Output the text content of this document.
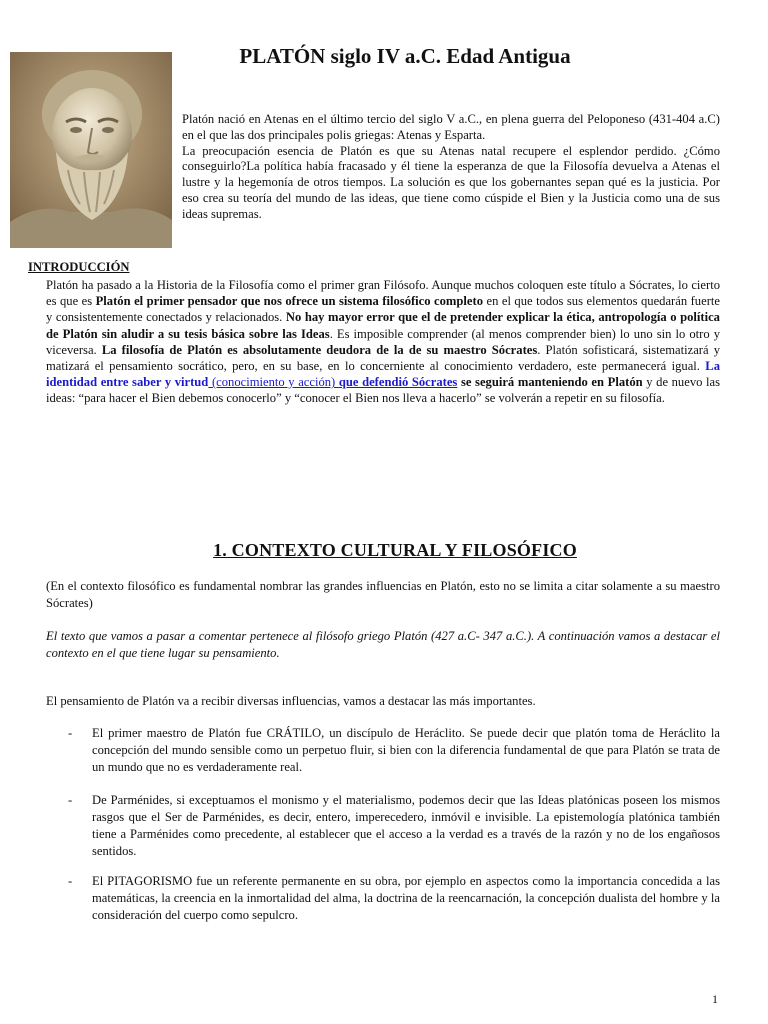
PLATÓN siglo IV a.C. Edad Antigua

Platón nació en Atenas en el último tercio del siglo V a.C., en plena guerra del Peloponeso (431-404 a.C) en el que las dos principales polis griegas: Atenas y Esparta.

La preocupación esencia de Platón es que su Atenas natal recupere el esplendor perdido. ¿Cómo conseguirlo?La política había fracasado y él tiene la esperanza de que la Filosofía devuelva a Atenas el lustre y la hegemonía de otros tiempos. La solución es que los gobernantes sepan qué es la justicia. Por eso crea su teoría del mundo de las ideas, que tiene como cúspide el Bien y la Justicia como una de sus ideas supremas.

INTRODUCCIÓN

Platón ha pasado a la Historia de la Filosofía como el primer gran Filósofo. Aunque muchos coloquen este título a Sócrates, lo cierto es que es Platón el primer pensador que nos ofrece un sistema filosófico completo en el que todos sus elementos quedarán fuerte y consistentemente conectados y relacionados. No hay mayor error que el de pretender explicar la ética, antropología o política de Platón sin aludir a su tesis básica sobre las Ideas. Es imposible comprender (al menos comprender bien) lo uno sin lo otro y viceversa. La filosofía de Platón es absolutamente deudora de la de su maestro Sócrates. Platón sofisticará, sistematizará y matizará el pensamiento socrático, pero, en su base, en lo concerniente al conocimiento verdadero, este permanecerá igual. La identidad entre saber y virtud (conocimiento y acción) que defendió Sócrates se seguirá manteniendo en Platón y de nuevo las ideas: “para hacer el Bien debemos conocerlo” y “conocer el Bien nos lleva a hacerlo” se volverán a repetir en su filosofía.

1. CONTEXTO CULTURAL Y FILOSÓFICO

(En el contexto filosófico es fundamental nombrar las grandes influencias en Platón, esto no se limita a citar solamente a su maestro Sócrates)

El texto que vamos a pasar a comentar pertenece al filósofo griego Platón (427 a.C- 347 a.C.). A continuación vamos a destacar el contexto en el que tiene lugar su pensamiento.

El pensamiento de Platón va a recibir diversas influencias, vamos a destacar las más importantes.

- El primer maestro de Platón fue CRÁTILO, un discípulo de Heráclito. Se puede decir que platón toma de Heráclito la concepción del mundo sensible como un perpetuo fluir, si bien con la diferencia fundamental de que para Platón se trata de un mundo que no es verdaderamente real.
- De Parménides, si exceptuamos el monismo y el materialismo, podemos decir que las Ideas platónicas poseen los mismos rasgos que el Ser de Parménides, es decir, entero, imperecedero, inmóvil e invisible. La epistemología platónica también tiene a Parménides como precedente, al establecer que el acceso a la verdad es a través de la razón y no de los engañosos sentidos.
- El PITAGORISMO fue un referente permanente en su obra, por ejemplo en aspectos como la importancia concedida a las matemáticas, la creencia en la inmortalidad del alma, la doctrina de la reencarnación, la concepción dualista del hombre y la consideración del cuerpo como sepulcro.
1
